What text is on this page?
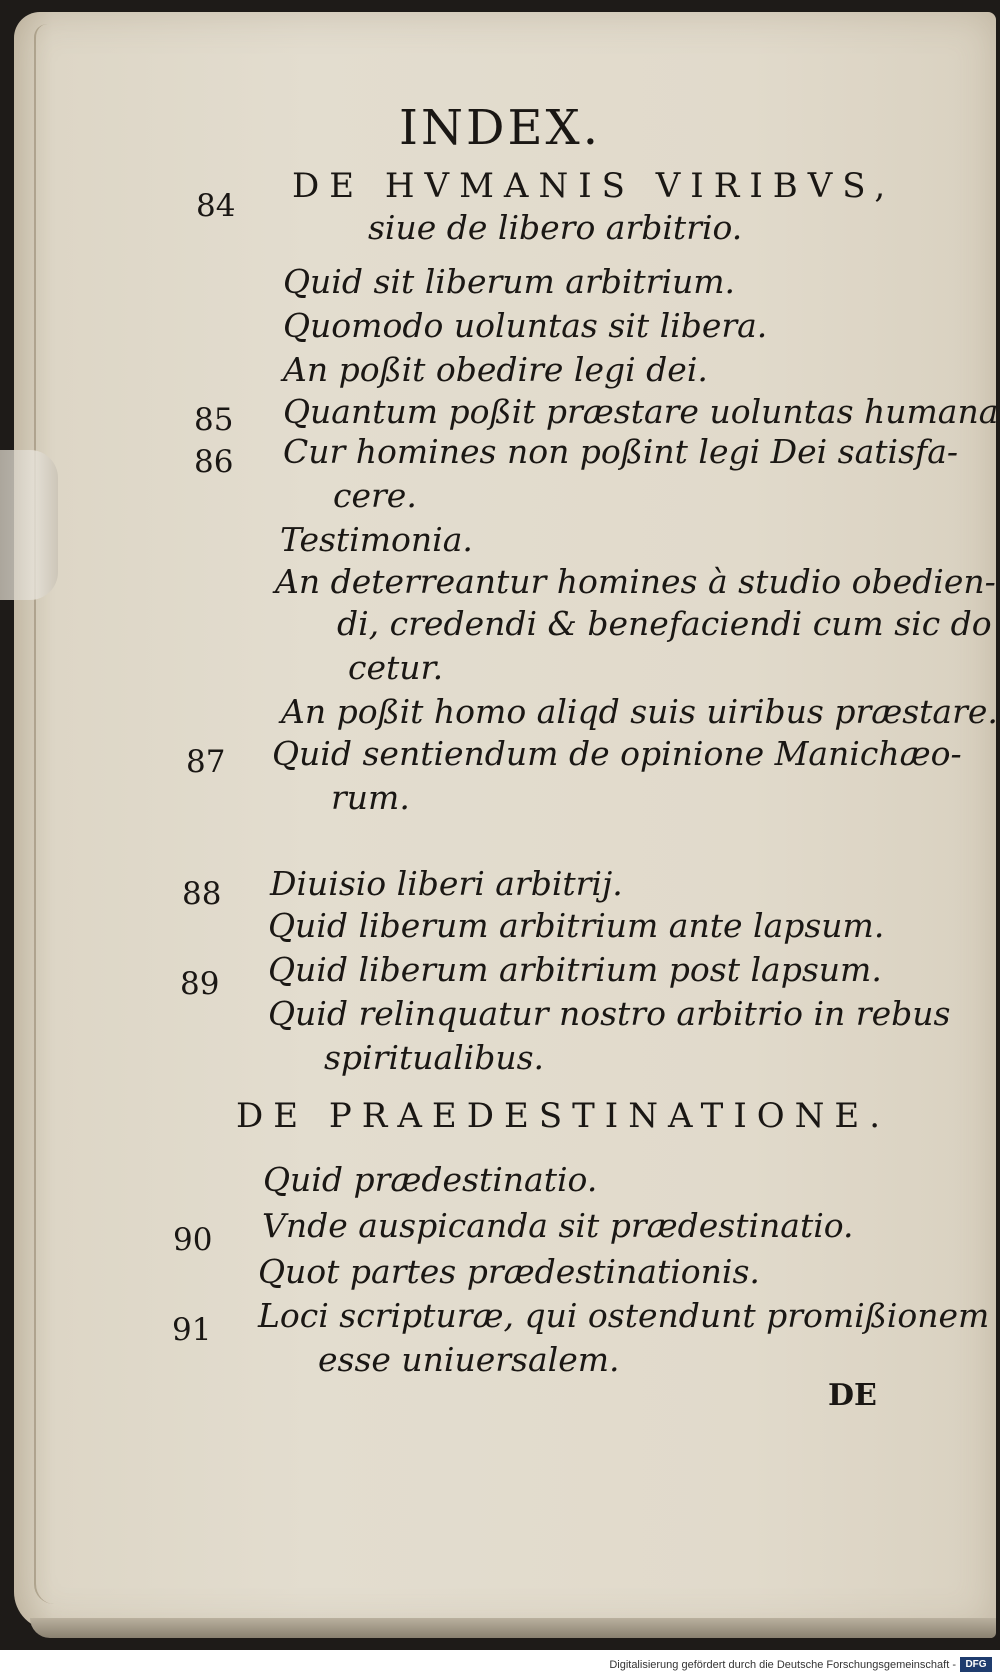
INDEX.
84 DE HVMANIS VIRIBVS,
siue de libero arbitrio.
Quid sit liberum arbitrium.
Quomodo uoluntas sit libera.
An poßit obedire legi dei.
85 Quantum poßit præstare uoluntas humana
86 Cur homines non poßint legi Dei satisfa-
cere.
Testimonia.
An deterreantur homines à studio obedien-
di, credendi & benefaciendi cum sic do
cetur.
87
An poßit homo aliqd suis uiribus præstare.
Quid sentiendum de opinione Manichæo-
rum.
88 Diuisio liberi arbitrij.
Quid liberum arbitrium ante lapsum.
89 Quid liberum arbitrium post lapsum.
Quid relinquatur nostro arbitrio in rebus
spiritualibus.
DE PRAEDESTINATIONE.
Quid prædestinatio.
90 Vnde auspicanda sit prædestinatio.
Quot partes prædestinationis.
91 Loci scripturæ, qui ostendunt promißionem
esse uniuersalem.
DE
Digitalisierung gefördert durch die Deutsche Forschungsgemeinschaft - DFG
